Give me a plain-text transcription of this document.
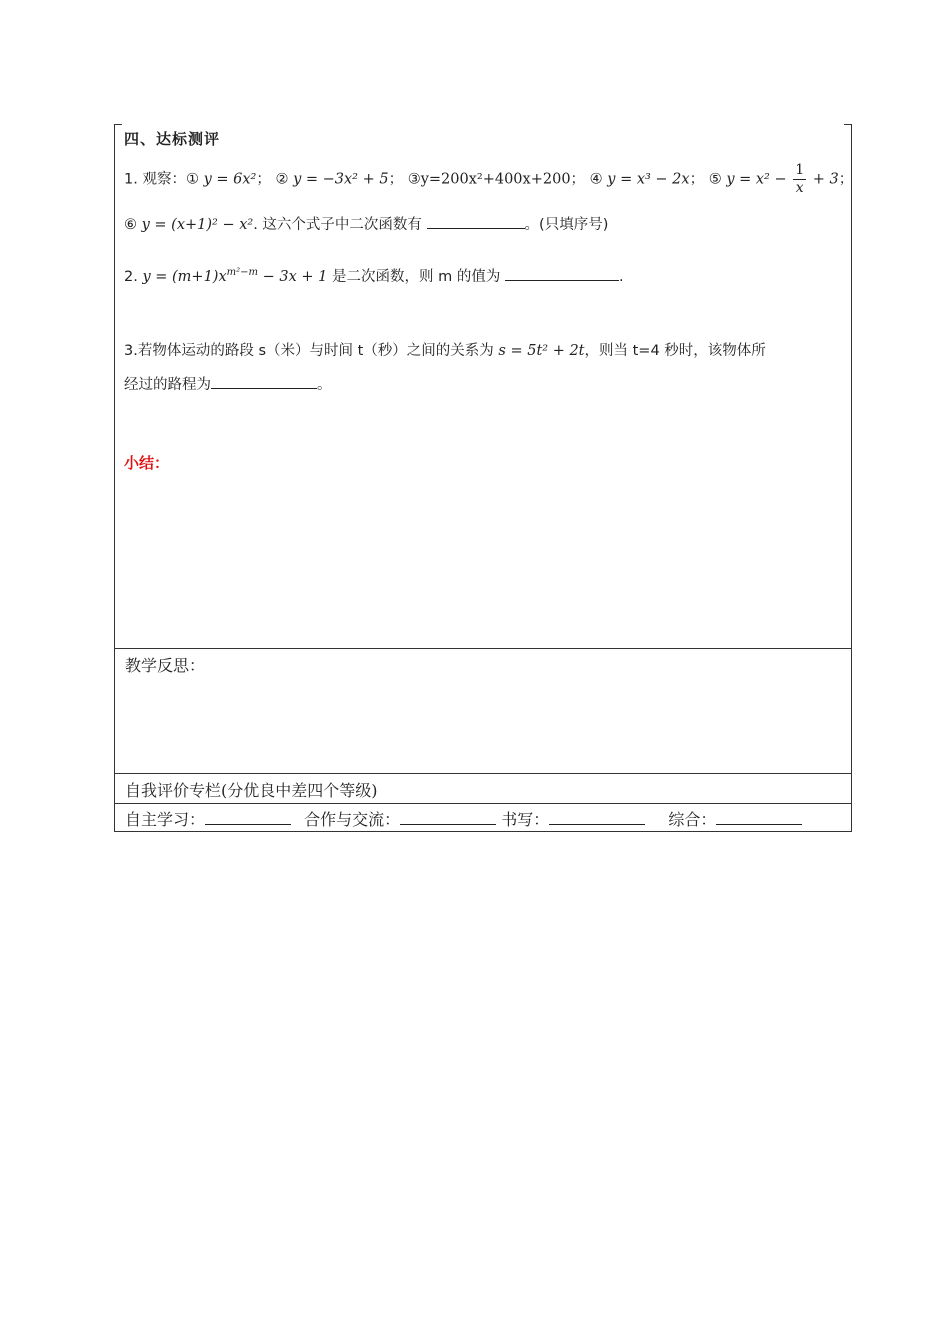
四、达标测评
1. 观察：① y = 6x²； ② y = −3x² + 5； ③y=200x²+400x+200； ④ y = x³ − 2x； ⑤ $y = x^2 - \frac{1}{x} + 3$；
⑥ y = (x+1)² − x². 这六个式子中二次函数有	。(只填序号)
2. $y = (m+1)x^{m^2-m} - 3x + 1$ 是二次函数，则 m 的值为	.
3.若物体运动的路段 s（米）与时间 t（秒）之间的关系为 s = 5t² + 2t，则当 t=4 秒时，该物体所
经过的路程为	。
小结：
教学反思：
自我评价专栏(分优良中差四个等级)
自主学习：	合作与交流：	书写：	综合：
